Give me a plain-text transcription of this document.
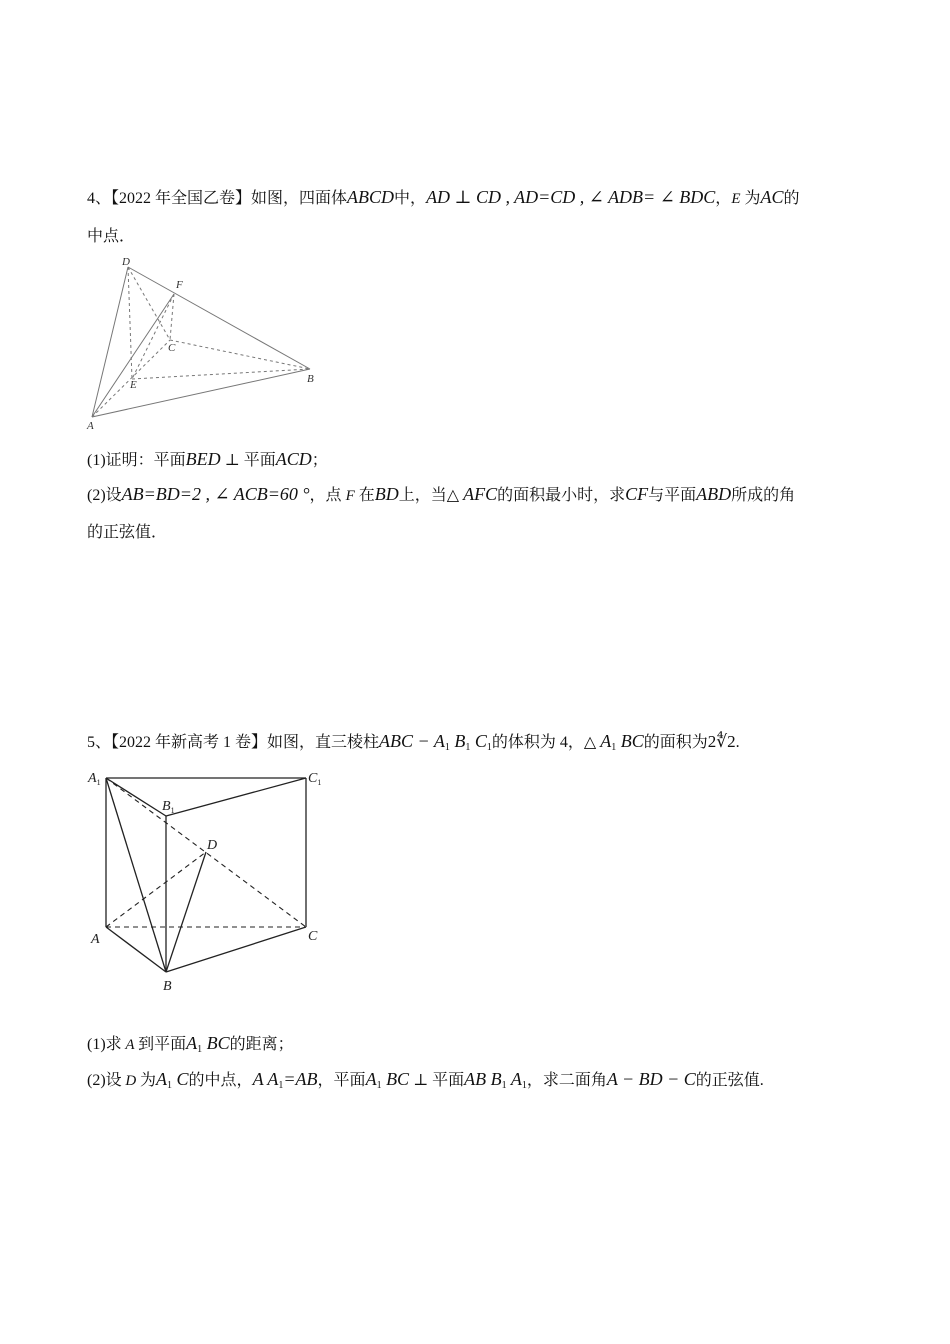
4、【2022 年全国乙卷】如图，四面体ABCD中，AD ⊥ CD , AD=CD , ∠ ADB= ∠ BDC，E 为AC的
中点．
D
F
C
E	B
A
(1)证明：平面BED ⊥ 平面ACD；
(2)设AB=BD=2 , ∠ ACB=60 °，点 F 在BD上，当△ AFC的面积最小时，求CF与平面ABD所成的角
的正弦值．
5、【2022 年新高考 1 卷】如图，直三棱柱ABC − $A_1$ $B_1$ $C_1$的体积为 4，△ $A_1$ BC的面积为2∜2.
$A_1$	$C_1$
$B_1$
D
A	C
B
(1)求 A 到平面$A_1$ BC的距离；
(2)设 D 为$A_1$ C的中点，A $A_1=AB$，平面$A_1$ BC ⊥ 平面AB $B_1$ $A_1$，求二面角A − BD − C的正弦值.
